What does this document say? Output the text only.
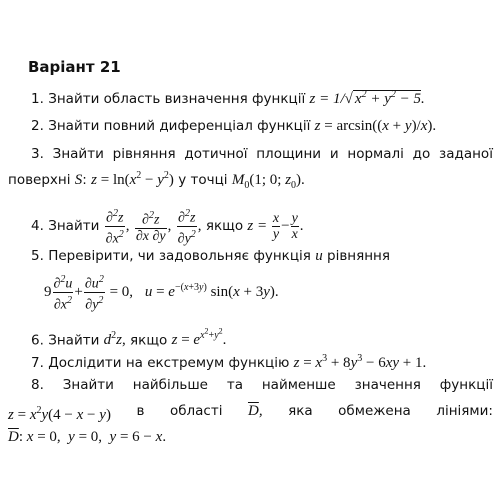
Варіант 21
1. Знайти область визначення функції z = 1/√ $x^2 + y^2 - 5$.
2. Знайти повний диференціал функції z = arcsin((x + y)/x).
3. Знайти рівняння дотичної площини и нормалі до заданої
поверхні S: $z = \ln(x^2 - y^2)$ у точці $M_0(1$; 0; $z_0$).
4. Знайти $\frac{\partial^2z}{\partial x^2}$ , $\frac{\partial^2z}{\partial x \partial y}$ , $\frac{\partial^2z}{\partial y^2}$ , якщо $z = \frac{x}{y} - \frac{y}{x}$ .
5. Перевірити, чи задовольняє функція u рівняння
$9 \frac{\partial^2u}{\partial x^2} + \frac{\partial u^2}{\partial y^2} = 0$,   $u = e^{-(x+3y)}$ sin(x + 3y).
6. Знайти $d^2z$, якщо $z = e^{x^2+y^2}$.
7. Дослідити на екстремум функцію $z = x^3 + 8y^3 - 6xy + 1$.
8. Знайти найбільше та найменше значення функції
$z = x^2y(4 - x - y)$ в області $\overline{D}$, яка обмежена лініями:
$\overline{D}$: x = 0,  y = 0,  y = 6 − x.
